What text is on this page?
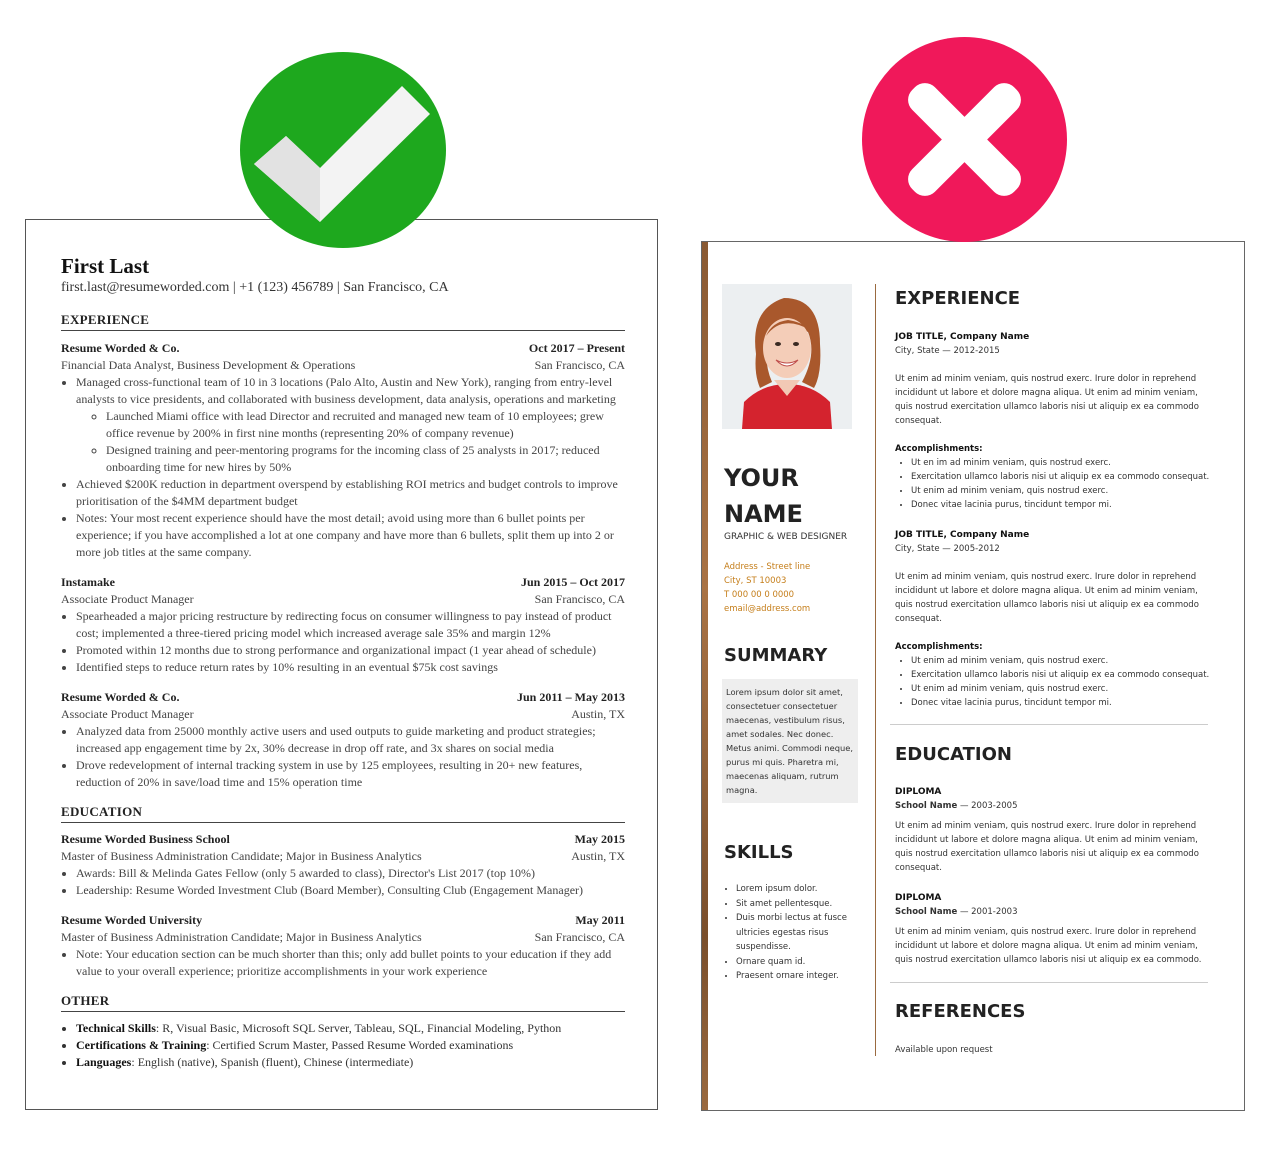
First Last
first.last@resumeworded.com | +1 (123) 456789 | San Francisco, CA
EXPERIENCE
Resume Worded & Co.	Oct 2017 – Present
Financial Data Analyst, Business Development & Operations	San Francisco, CA
• Managed cross-functional team of 10 in 3 locations (Palo Alto, Austin and New York), ranging from entry-level analysts to vice presidents, and collaborated with business development, data analysis, operations and marketing
◦ Launched Miami office with lead Director and recruited and managed new team of 10 employees; grew office revenue by 200% in first nine months (representing 20% of company revenue)
◦ Designed training and peer-mentoring programs for the incoming class of 25 analysts in 2017; reduced onboarding time for new hires by 50%
• Achieved $200K reduction in department overspend by establishing ROI metrics and budget controls to improve prioritisation of the $4MM department budget
• Notes: Your most recent experience should have the most detail; avoid using more than 6 bullet points per experience; if you have accomplished a lot at one company and have more than 6 bullets, split them up into 2 or more job titles at the same company.
Instamake	Jun 2015 – Oct 2017
Associate Product Manager	San Francisco, CA
• Spearheaded a major pricing restructure by redirecting focus on consumer willingness to pay instead of product cost; implemented a three-tiered pricing model which increased average sale 35% and margin 12%
• Promoted within 12 months due to strong performance and organizational impact (1 year ahead of schedule)
• Identified steps to reduce return rates by 10% resulting in an eventual $75k cost savings
Resume Worded & Co.	Jun 2011 – May 2013
Associate Product Manager	Austin, TX
• Analyzed data from 25000 monthly active users and used outputs to guide marketing and product strategies; increased app engagement time by 2x, 30% decrease in drop off rate, and 3x shares on social media
• Drove redevelopment of internal tracking system in use by 125 employees, resulting in 20+ new features, reduction of 20% in save/load time and 15% operation time
EDUCATION
Resume Worded Business School	May 2015
Master of Business Administration Candidate; Major in Business Analytics	Austin, TX
• Awards: Bill & Melinda Gates Fellow (only 5 awarded to class), Director's List 2017 (top 10%)
• Leadership: Resume Worded Investment Club (Board Member), Consulting Club (Engagement Manager)
Resume Worded University	May 2011
Master of Business Administration Candidate; Major in Business Analytics	San Francisco, CA
• Note: Your education section can be much shorter than this; only add bullet points to your education if they add value to your overall experience; prioritize accomplishments in your work experience
OTHER
• Technical Skills: R, Visual Basic, Microsoft SQL Server, Tableau, SQL, Financial Modeling, Python
• Certifications & Training: Certified Scrum Master, Passed Resume Worded examinations
• Languages: English (native), Spanish (fluent), Chinese (intermediate)
YOUR
NAME
GRAPHIC & WEB DESIGNER
Address - Street line
City, ST 10003
T 000 00 0 0000
email@address.com
SUMMARY
Lorem ipsum dolor sit amet, consectetuer consectetuer maecenas, vestibulum risus, amet sodales. Nec donec. Metus animi. Commodi neque, purus mi quis. Pharetra mi, maecenas aliquam, rutrum magna.
SKILLS
• Lorem ipsum dolor.
• Sit amet pellentesque.
• Duis morbi lectus at fusce ultricies egestas risus suspendisse.
• Ornare quam id.
• Praesent ornare integer.
EXPERIENCE
JOB TITLE, Company Name
City, State — 2012-2015
Ut enim ad minim veniam, quis nostrud exerc. Irure dolor in reprehend incididunt ut labore et dolore magna aliqua. Ut enim ad minim veniam, quis nostrud exercitation ullamco laboris nisi ut aliquip ex ea commodo consequat.
Accomplishments:
• Ut en im ad minim veniam, quis nostrud exerc.
• Exercitation ullamco laboris nisi ut aliquip ex ea commodo consequat.
• Ut enim ad minim veniam, quis nostrud exerc.
• Donec vitae lacinia purus, tincidunt tempor mi.
JOB TITLE, Company Name
City, State — 2005-2012
Ut enim ad minim veniam, quis nostrud exerc. Irure dolor in reprehend incididunt ut labore et dolore magna aliqua. Ut enim ad minim veniam, quis nostrud exercitation ullamco laboris nisi ut aliquip ex ea commodo consequat.
Accomplishments:
• Ut enim ad minim veniam, quis nostrud exerc.
• Exercitation ullamco laboris nisi ut aliquip ex ea commodo consequat.
• Ut enim ad minim veniam, quis nostrud exerc.
• Donec vitae lacinia purus, tincidunt tempor mi.
EDUCATION
DIPLOMA
School Name — 2003-2005
Ut enim ad minim veniam, quis nostrud exerc. Irure dolor in reprehend incididunt ut labore et dolore magna aliqua. Ut enim ad minim veniam, quis nostrud exercitation ullamco laboris nisi ut aliquip ex ea commodo consequat.
DIPLOMA
School Name — 2001-2003
Ut enim ad minim veniam, quis nostrud exerc. Irure dolor in reprehend incididunt ut labore et dolore magna aliqua. Ut enim ad minim veniam, quis nostrud exercitation ullamco laboris nisi ut aliquip ex ea commodo.
REFERENCES
Available upon request
